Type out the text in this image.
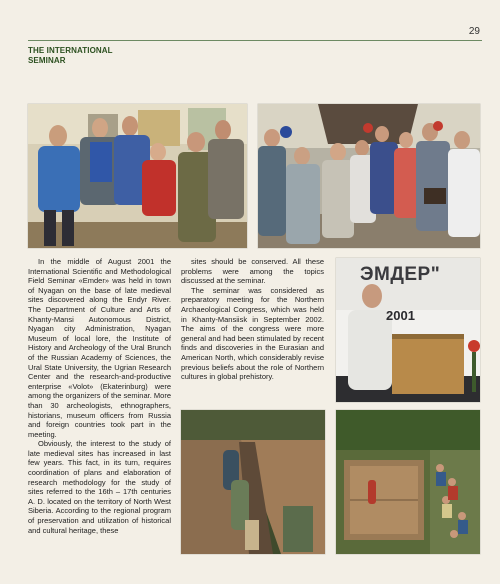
29
THE INTERNATIONAL
SEMINAR

In the middle of August 2001 the International Scientific and Methodological Field Seminar «Emder» was held in town of Nyagan on the base of late medieval sites discovered along the Endyr River. The Department of Culture and Arts of Khanty-Mansi Autonomous District, Nyagan city Administration, Nyagan Museum of local lore, the Institute of History and Archeology of the Ural Brunch of the Russian Academy of Sciences, the Ural State University, the Ugrian Research Center and the research-and-productive enterprise «Volot» (Ekaterinburg) were among the organizers of the seminar. More than 30 archeologists, ethnographers, historians, museum officers from Russia and foreign countries took part in the meeting.

Obviously, the interest to the study of late medieval sites has increased in last few years. This fact, in its turn, requires coordination of plans and elaboration of research methodology for the study of sites referred to the 16th – 17th centuries A. D. located on the territory of North West Siberia. According to the regional program of preservation and utilization of historical and cultural heritage, these

sites should be conserved. All these problems were among the topics discussed at the seminar.

The seminar was considered as preparatory meeting for the Northern Archaeological Congress, which was held in Khanty-Mansiisk in September 2002. The aims of the congress were more general and had been stimulated by recent finds and discoveries in the Eurasian and American North, which considerably revise previous beliefs about the role of Northern cultures in global prehistory.

ЭМДЕР"
2001
